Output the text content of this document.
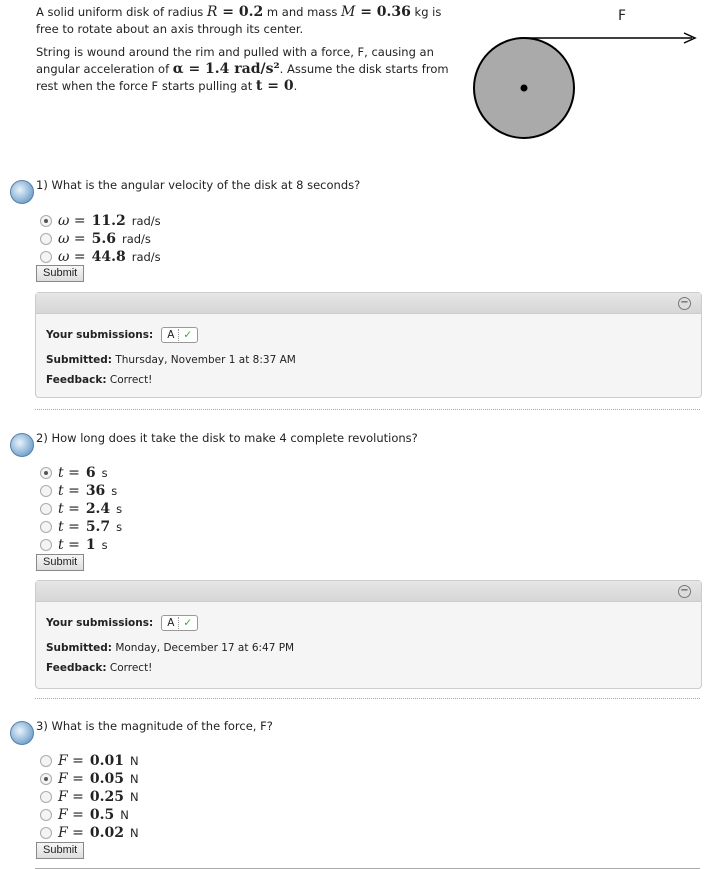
A solid uniform disk of radius R = 0.2 m and mass M = 0.36 kg is free to rotate about an axis through its center.

String is wound around the rim and pulled with a force, F, causing an angular acceleration of α = 1.4 rad/s². Assume the disk starts from rest when the force F starts pulling at t = 0.

F
1) What is the angular velocity of the disk at 8 seconds?
ω = 11.2 rad/s
ω = 5.6 rad/s
ω = 44.8 rad/s
Submit
−
Your submissions: A ✓
Submitted: Thursday, November 1 at 8:37 AM
Feedback: Correct!
2) How long does it take the disk to make 4 complete revolutions?
t = 6 s
t = 36 s
t = 2.4 s
t = 5.7 s
t = 1 s
Submit
−
Your submissions: A ✓
Submitted: Monday, December 17 at 6:47 PM
Feedback: Correct!
3) What is the magnitude of the force, F?
F = 0.01 N
F = 0.05 N
F = 0.25 N
F = 0.5 N
F = 0.02 N
Submit
